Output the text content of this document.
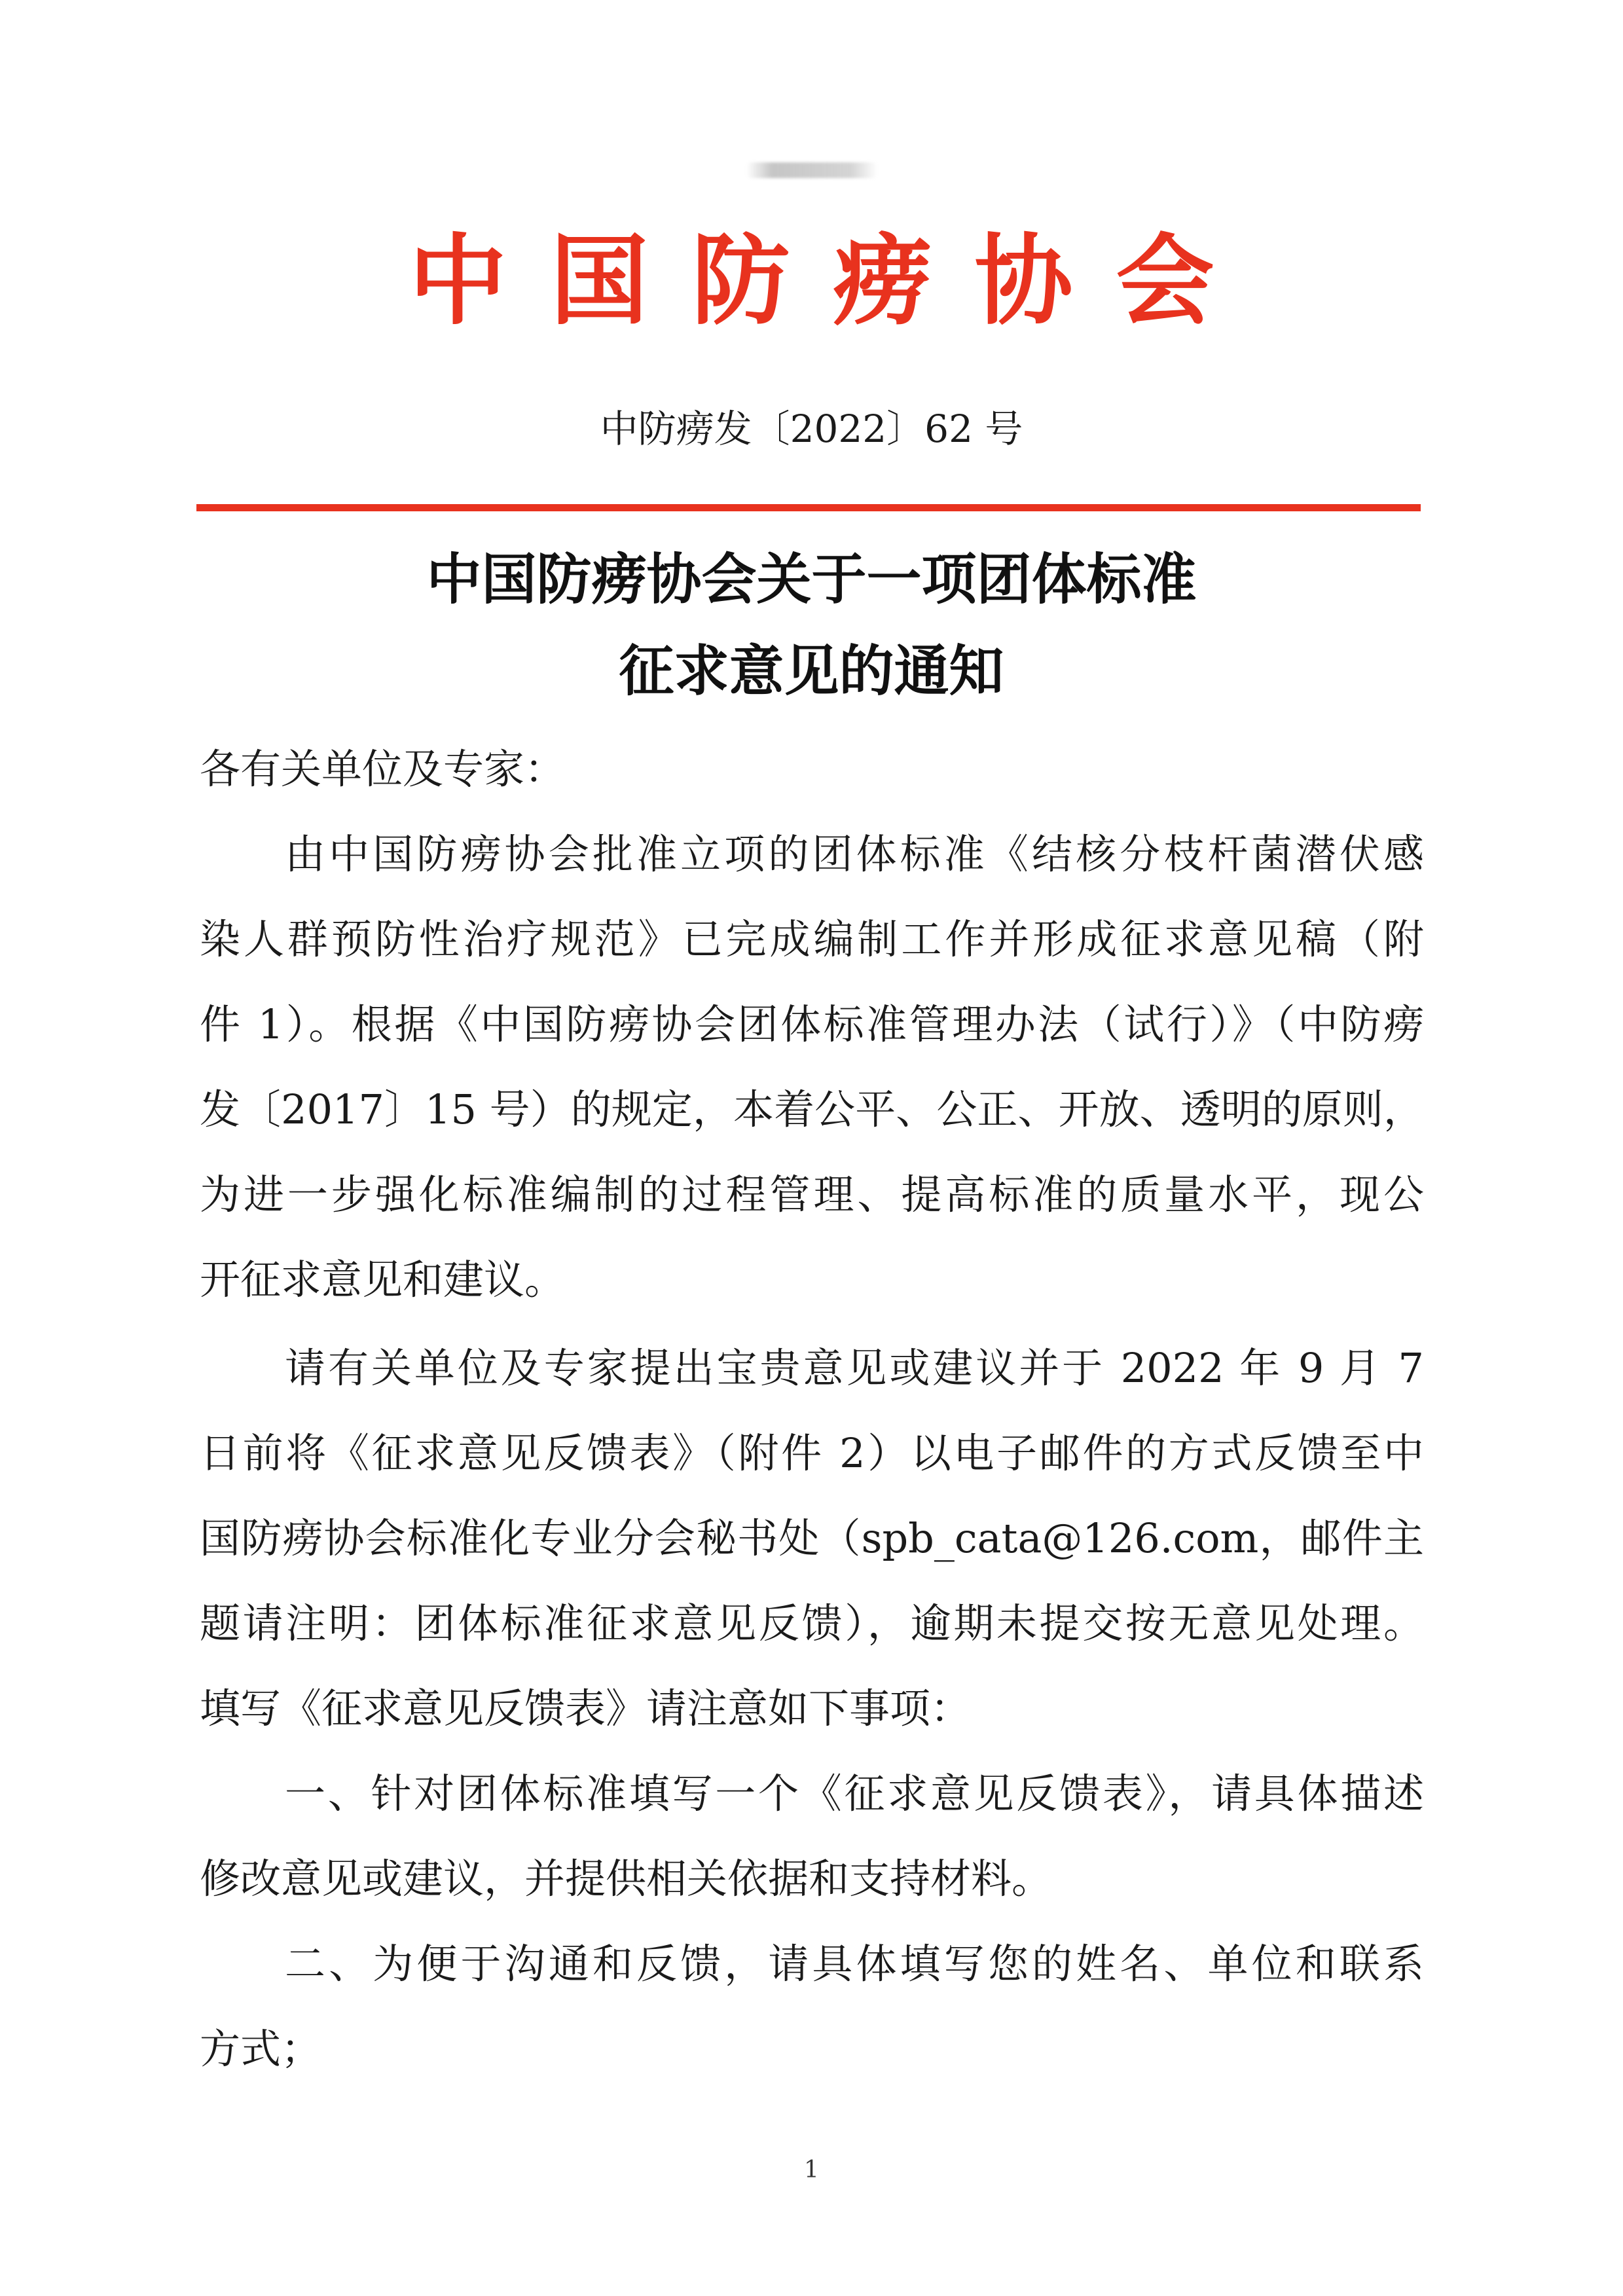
中国防痨协会
中防痨发〔2022〕62 号
中国防痨协会关于一项团体标准
征求意见的通知
各有关单位及专家：
由中国防痨协会批准立项的团体标准《结核分枝杆菌潜伏感
染人群预防性治疗规范》已完成编制工作并形成征求意见稿（附
件 1）。根据《中国防痨协会团体标准管理办法（试行）》（中防痨
发〔2017〕15 号）的规定，本着公平、公正、开放、透明的原则，
为进一步强化标准编制的过程管理、提高标准的质量水平，现公
开征求意见和建议。
请有关单位及专家提出宝贵意见或建议并于 2022 年 9 月 7
日前将《征求意见反馈表》（附件 2）以电子邮件的方式反馈至中
国防痨协会标准化专业分会秘书处（spb_cata@126.com，邮件主
题请注明：团体标准征求意见反馈），逾期未提交按无意见处理。
填写《征求意见反馈表》请注意如下事项：
一、针对团体标准填写一个《征求意见反馈表》，请具体描述
修改意见或建议，并提供相关依据和支持材料。
二、为便于沟通和反馈，请具体填写您的姓名、单位和联系
方式；
1
